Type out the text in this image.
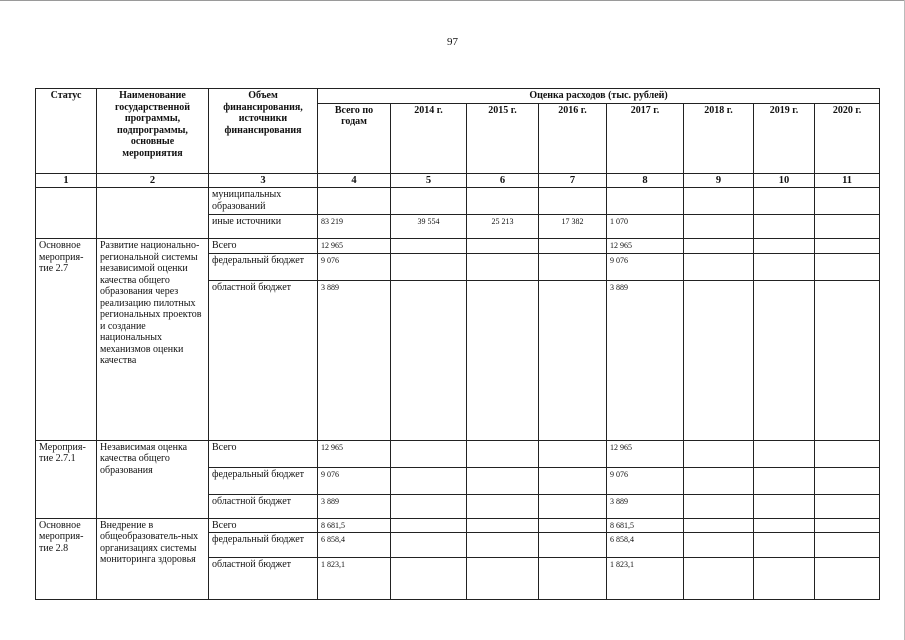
97
Статус	Наименование государственной программы, подпрограммы, основные мероприятия	Объем финансирования, источники финансирования	Оценка расходов (тыс. рублей)							
			Всего по годам	2014 г.	2015 г.	2016 г.	2017 г.	2018 г.	2019 г.	2020 г.
1	2	3	4	5	6	7	8	9	10	11
		муниципальных образований								
		иные источники	83 219	39 554	25 213	17 382	1 070			
Основное мероприя-тие 2.7	Развитие национально-региональной системы независимой оценки качества общего образования через реализацию пилотных региональных проектов и создание национальных механизмов оценки качества	Всего	12 965				12 965			
		федеральный бюджет	9 076				9 076			
		областной бюджет	3 889				3 889			
Мероприя-тие 2.7.1	Независимая оценка качества общего образования	Всего	12 965				12 965			
		федеральный бюджет	9 076				9 076			
		областной бюджет	3 889				3 889			
Основное мероприя-тие 2.8	Внедрение в общеобразователь-ных организациях системы мониторинга здоровья	Всего	8 681,5				8 681,5			
		федеральный бюджет	6 858,4				6 858,4			
		областной бюджет	1 823,1				1 823,1			
